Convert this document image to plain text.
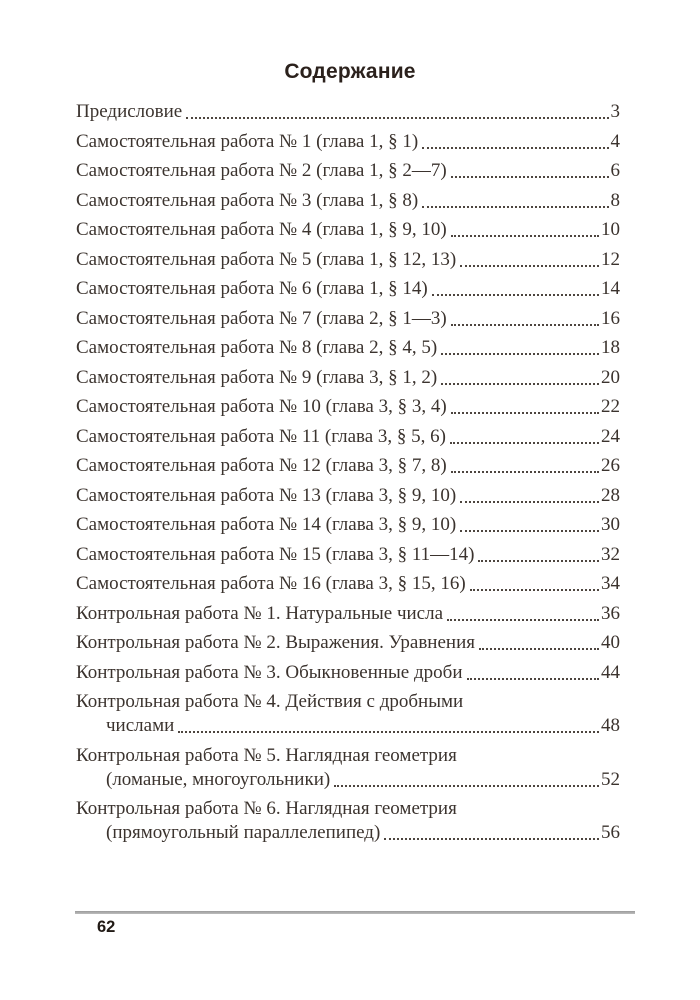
Содержание
Предисловие	3
Самостоятельная работа № 1 (глава 1, § 1)	4
Самостоятельная работа № 2 (глава 1, § 2—7)	6
Самостоятельная работа № 3 (глава 1, § 8)	8
Самостоятельная работа № 4 (глава 1, § 9, 10)	10
Самостоятельная работа № 5 (глава 1, § 12, 13)	12
Самостоятельная работа № 6 (глава 1, § 14)	14
Самостоятельная работа № 7 (глава 2, § 1—3)	16
Самостоятельная работа № 8 (глава 2, § 4, 5)	18
Самостоятельная работа № 9 (глава 3, § 1, 2)	20
Самостоятельная работа № 10 (глава 3, § 3, 4)	22
Самостоятельная работа № 11 (глава 3, § 5, 6)	24
Самостоятельная работа № 12 (глава 3, § 7, 8)	26
Самостоятельная работа № 13 (глава 3, § 9, 10)	28
Самостоятельная работа № 14 (глава 3, § 9, 10)	30
Самостоятельная работа № 15 (глава 3, § 11—14)	32
Самостоятельная работа № 16 (глава 3, § 15, 16)	34
Контрольная работа № 1. Натуральные числа	36
Контрольная работа № 2. Выражения. Уравнения	40
Контрольная работа № 3. Обыкновенные дроби	44
Контрольная работа № 4. Действия с дробными
числами	48
Контрольная работа № 5. Наглядная геометрия
(ломаные, многоугольники)	52
Контрольная работа № 6. Наглядная геометрия
(прямоугольный параллелепипед)	56
62
